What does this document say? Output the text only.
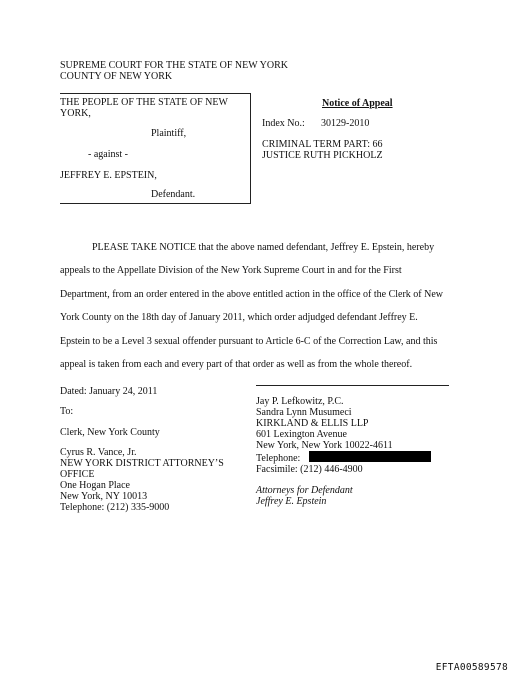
SUPREME COURT FOR THE STATE OF NEW YORK
COUNTY OF NEW YORK
THE PEOPLE OF THE STATE OF NEW
YORK,
Plaintiff,
- against -
JEFFREY E. EPSTEIN,
Defendant.
Notice of Appeal
Index No.: 30129-2010
CRIMINAL TERM PART: 66
JUSTICE RUTH PICKHOLZ

PLEASE TAKE NOTICE that the above named defendant, Jeffrey E. Epstein, hereby

appeals to the Appellate Division of the New York Supreme Court in and for the First

Department, from an order entered in the above entitled action in the office of the Clerk of New

York County on the 18th day of January 2011, which order adjudged defendant Jeffrey E.

Epstein to be a Level 3 sexual offender pursuant to Article 6-C of the Correction Law, and this

appeal is taken from each and every part of that order as well as from the whole thereof.

Dated: January 24, 2011
To:
Clerk, New York County
Cyrus R. Vance, Jr.
NEW YORK DISTRICT ATTORNEY’S
OFFICE
One Hogan Place
New York, NY 10013
Telephone: (212) 335-9000
Jay P. Lefkowitz, P.C.
Sandra Lynn Musumeci
KIRKLAND & ELLIS LLP
601 Lexington Avenue
New York, New York 10022-4611
Telephone:
Facsimile: (212) 446-4900
Attorneys for Defendant
Jeffrey E. Epstein
EFTA00589578
